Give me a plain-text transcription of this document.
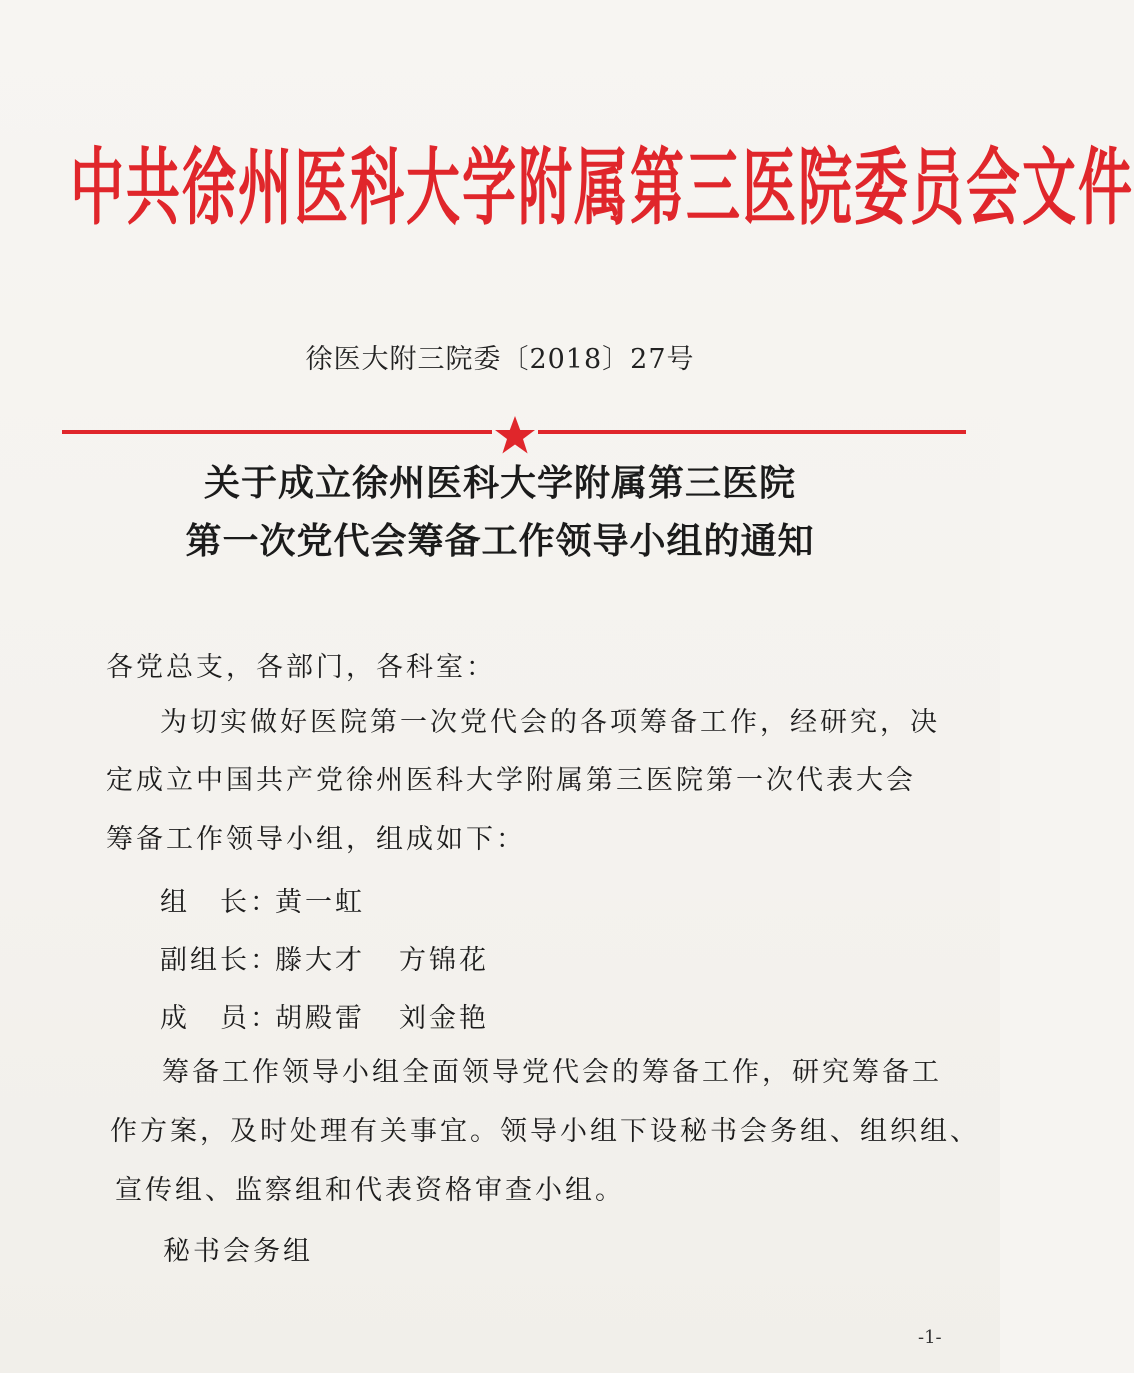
中共徐州医科大学附属第三医院委员会文件
徐医大附三院委〔2018〕27号
关于成立徐州医科大学附属第三医院
第一次党代会筹备工作领导小组的通知
各党总支，各部门，各科室：
为切实做好医院第一次党代会的各项筹备工作，经研究，决
定成立中国共产党徐州医科大学附属第三医院第一次代表大会
筹备工作领导小组，组成如下：
组　长：黄一虹
副组长：滕大才 方锦花
成　员：胡殿雷 刘金艳
筹备工作领导小组全面领导党代会的筹备工作，研究筹备工
作方案，及时处理有关事宜。领导小组下设秘书会务组、组织组、
宣传组、监察组和代表资格审查小组。
秘书会务组
-1-
